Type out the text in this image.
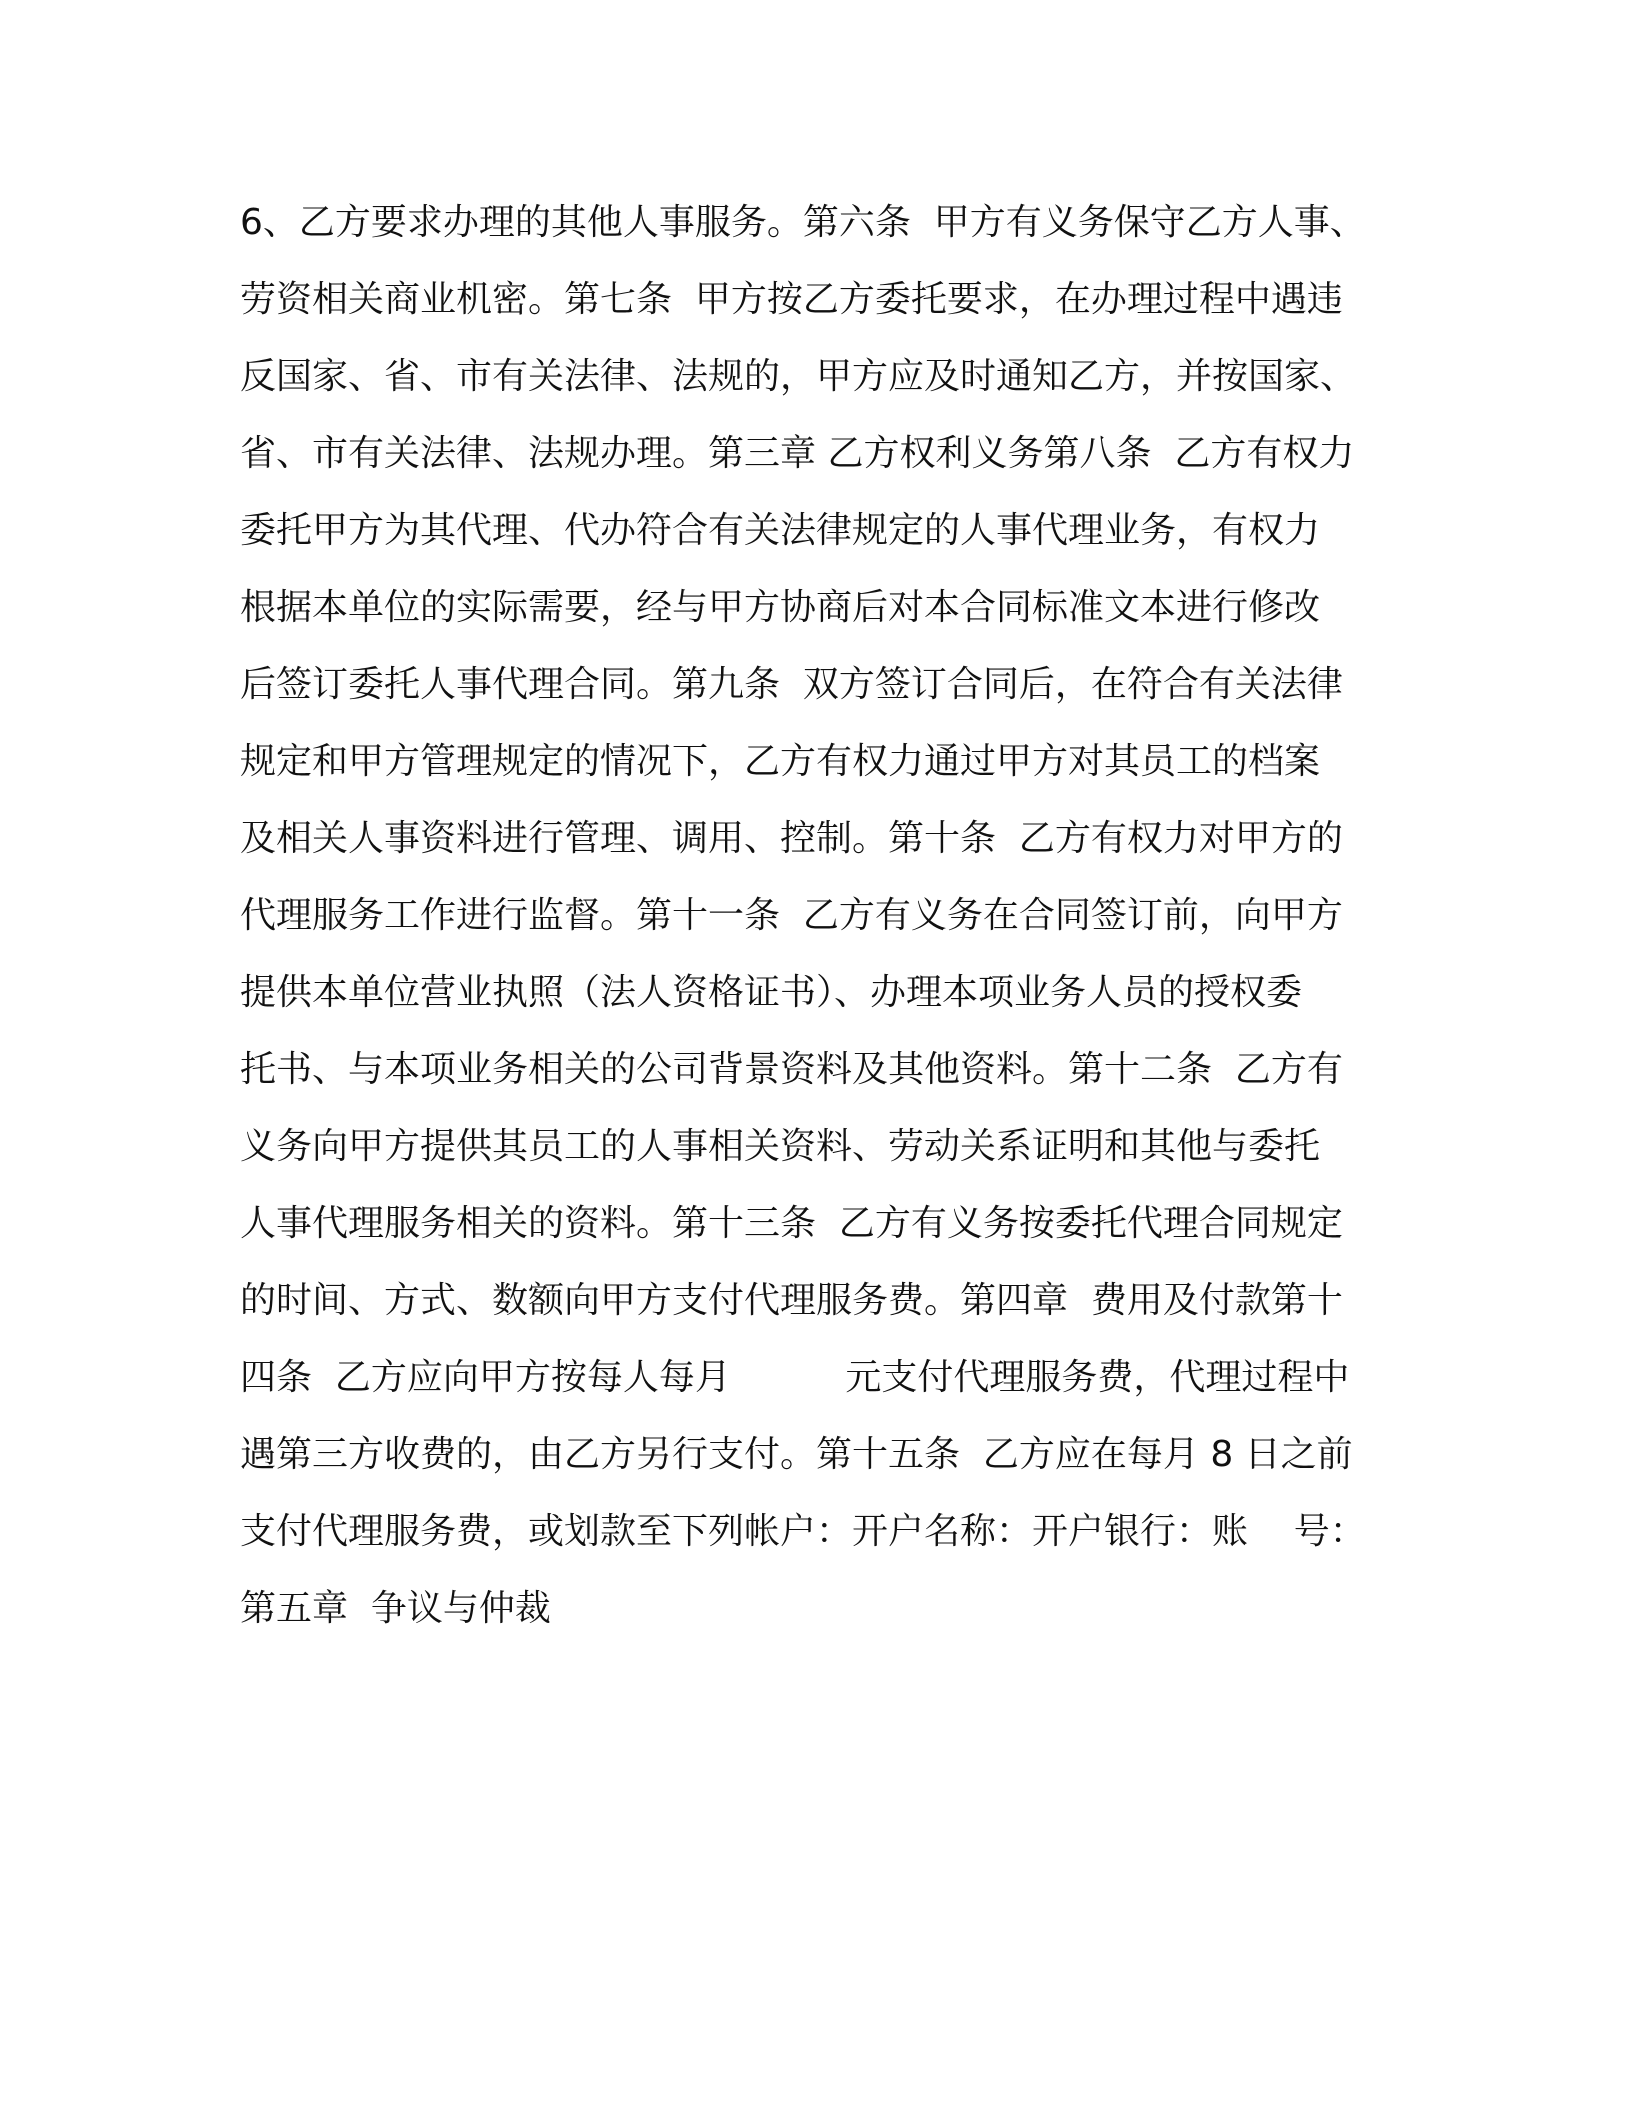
6、乙方要求办理的其他人事服务。第六条  甲方有义务保守乙方人事、
劳资相关商业机密。第七条  甲方按乙方委托要求，在办理过程中遇违
反国家、省、市有关法律、法规的，甲方应及时通知乙方，并按国家、
省、市有关法律、法规办理。第三章 乙方权利义务第八条  乙方有权力
委托甲方为其代理、代办符合有关法律规定的人事代理业务，有权力
根据本单位的实际需要，经与甲方协商后对本合同标准文本进行修改
后签订委托人事代理合同。第九条  双方签订合同后，在符合有关法律
规定和甲方管理规定的情况下，乙方有权力通过甲方对其员工的档案
及相关人事资料进行管理、调用、控制。第十条  乙方有权力对甲方的
代理服务工作进行监督。第十一条  乙方有义务在合同签订前，向甲方
提供本单位营业执照（法人资格证书）、办理本项业务人员的授权委
托书、与本项业务相关的公司背景资料及其他资料。第十二条  乙方有
义务向甲方提供其员工的人事相关资料、劳动关系证明和其他与委托
人事代理服务相关的资料。第十三条  乙方有义务按委托代理合同规定
的时间、方式、数额向甲方支付代理服务费。第四章  费用及付款第十
四条  乙方应向甲方按每人每月          元支付代理服务费，代理过程中
遇第三方收费的，由乙方另行支付。第十五条  乙方应在每月 8 日之前
支付代理服务费，或划款至下列帐户：开户名称：开户银行：账    号：
第五章  争议与仲裁
